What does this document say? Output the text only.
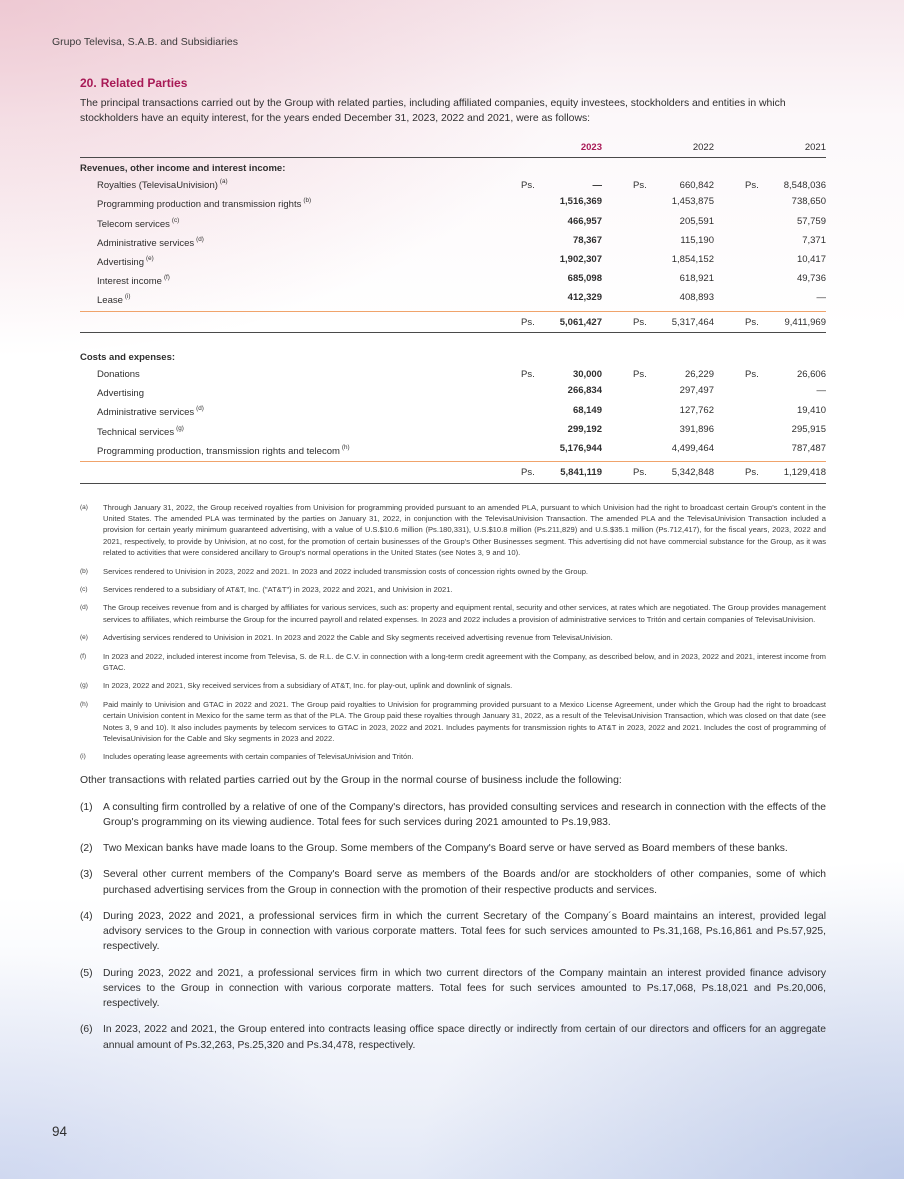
Grupo Televisa, S.A.B. and Subsidiaries
20. Related Parties
The principal transactions carried out by the Group with related parties, including affiliated companies, equity investees, stockholders and entities in which stockholders have an equity interest, for the years ended December 31, 2023, 2022 and 2021, were as follows:
2023	2022	2021
Revenues, other income and interest income:
Royalties (TelevisaUnivision) $^{(a)}$	Ps.	—	Ps.	660,842	Ps.	8,548,036
Programming production and transmission rights $^{(b)}$	1,516,369	1,453,875	738,650
Telecom services $^{(c)}$	466,957	205,591	57,759
Administrative services $^{(d)}$	78,367	115,190	7,371
Advertising $^{(e)}$	1,902,307	1,854,152	10,417
Interest income $^{(f)}$	685,098	618,921	49,736
Lease $^{(i)}$	412,329	408,893	—
Ps.	5,061,427	Ps.	5,317,464	Ps.	9,411,969
Costs and expenses:
Donations	Ps.	30,000	Ps.	26,229	Ps.	26,606
Advertising	266,834	297,497	—
Administrative services $^{(d)}$	68,149	127,762	19,410
Technical services $^{(g)}$	299,192	391,896	295,915
Programming production, transmission rights and telecom $^{(h)}$	5,176,944	4,499,464	787,487
Ps.	5,841,119	Ps.	5,342,848	Ps.	1,129,418
(a)	Through January 31, 2022, the Group received royalties from Univision for programming provided pursuant to an amended PLA, pursuant to which Univision had the right to broadcast certain Group's content in the United States. The amended PLA was terminated by the parties on January 31, 2022, in conjunction with the TelevisaUnivision Transaction. The amended PLA and the TelevisaUnivision Transaction included a provision for certain yearly minimum guaranteed advertising, with a value of U.S.$10.6 million (Ps.180,331), U.S.$10.8 million (Ps.211,829) and U.S.$35.1 million (Ps.712,417), for the fiscal years, 2023, 2022 and 2021, respectively, to provide by Univision, at no cost, for the promotion of certain businesses of the Group's Other Businesses segment. This advertising did not have commercial substance for the Group, as it was related to activities that were considered ancillary to Group's normal operations in the United States (see Notes 3, 9 and 10).
(b)	Services rendered to Univision in 2023, 2022 and 2021. In 2023 and 2022 included transmission costs of concession rights owned by the Group.
(c)	Services rendered to a subsidiary of AT&T, Inc. ("AT&T") in 2023, 2022 and 2021, and Univision in 2021.
(d)	The Group receives revenue from and is charged by affiliates for various services, such as: property and equipment rental, security and other services, at rates which are negotiated. The Group provides management services to affiliates, which reimburse the Group for the incurred payroll and related expenses. In 2023 and 2022 includes a provision of administrative services to Tritón and certain companies of TelevisaUnivision.
(e)	Advertising services rendered to Univision in 2021. In 2023 and 2022 the Cable and Sky segments received advertising revenue from TelevisaUnivision.
(f)	In 2023 and 2022, included interest income from Televisa, S. de R.L. de C.V. in connection with a long-term credit agreement with the Company, as described below, and in 2023, 2022 and 2021, interest income from GTAC.
(g)	In 2023, 2022 and 2021, Sky received services from a subsidiary of AT&T, Inc. for play-out, uplink and downlink of signals.
(h)	Paid mainly to Univision and GTAC in 2022 and 2021. The Group paid royalties to Univision for programming provided pursuant to a Mexico License Agreement, under which the Group had the right to broadcast certain Univision content in Mexico for the same term as that of the PLA. The Group paid these royalties through January 31, 2022, as a result of the TelevisaUnivision Transaction, which was closed on that date (see Notes 3, 9 and 10). It also includes payments by telecom services to GTAC in 2023, 2022 and 2021. Includes payments for transmission rights to AT&T in 2023, 2022 and 2021. Includes the cost of programming of TelevisaUnivision for the Cable and Sky segments in 2023 and 2022.
(i)	Includes operating lease agreements with certain companies of TelevisaUnivision and Tritón.
Other transactions with related parties carried out by the Group in the normal course of business include the following:
(1)	A consulting firm controlled by a relative of one of the Company's directors, has provided consulting services and research in connection with the effects of the Group's programming on its viewing audience. Total fees for such services during 2021 amounted to Ps.19,983.
(2)	Two Mexican banks have made loans to the Group. Some members of the Company's Board serve or have served as Board members of these banks.
(3)	Several other current members of the Company's Board serve as members of the Boards and/or are stockholders of other companies, some of which purchased advertising services from the Group in connection with the promotion of their respective products and services.
(4)	During 2023, 2022 and 2021, a professional services firm in which the current Secretary of the Company´s Board maintains an interest, provided legal advisory services to the Group in connection with various corporate matters. Total fees for such services amounted to Ps.31,168, Ps.16,861 and Ps.57,925, respectively.
(5)	During 2023, 2022 and 2021, a professional services firm in which two current directors of the Company maintain an interest provided finance advisory services to the Group in connection with various corporate matters. Total fees for such services amounted to Ps.17,068, Ps.18,021 and Ps.20,006, respectively.
(6)	In 2023, 2022 and 2021, the Group entered into contracts leasing office space directly or indirectly from certain of our directors and officers for an aggregate annual amount of Ps.32,263, Ps.25,320 and Ps.34,478, respectively.
94
